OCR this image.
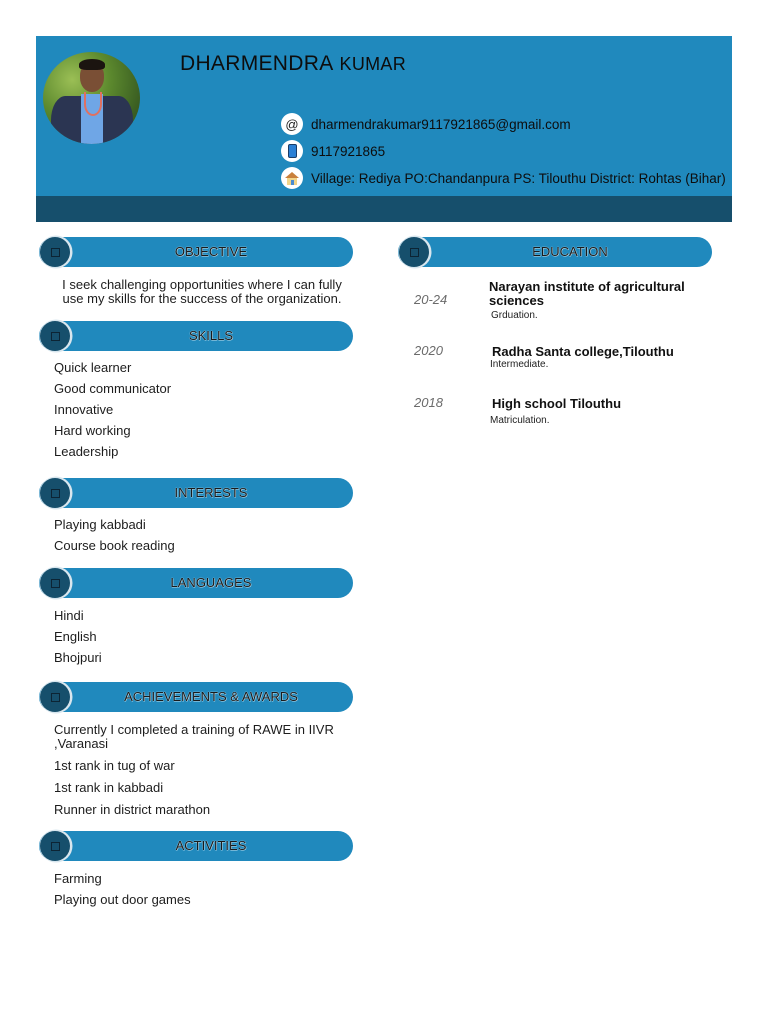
DHARMENDRA KUMAR
@ dharmendrakumar9117921865@gmail.com
9117921865
Village: Rediya PO:Chandanpura PS: Tilouthu District: Rohtas (Bihar)
OBJECTIVE
I seek challenging opportunities where I can fully use my skills for the success of the organization.
SKILLS
Quick learner
Good communicator
Innovative
Hard working
Leadership
INTERESTS
Playing kabbadi
Course book reading
LANGUAGES
Hindi
English
Bhojpuri
ACHIEVEMENTS & AWARDS
Currently I completed a training of RAWE in IIVR ,Varanasi
1st rank in tug of war
1st rank in kabbadi
Runner in district marathon
ACTIVITIES
Farming
Playing out door games
EDUCATION
20-24
Narayan institute of agricultural sciences
Grduation.
2020	Radha Santa college,Tilouthu
Intermediate.
2018	High school Tilouthu
Matriculation.
